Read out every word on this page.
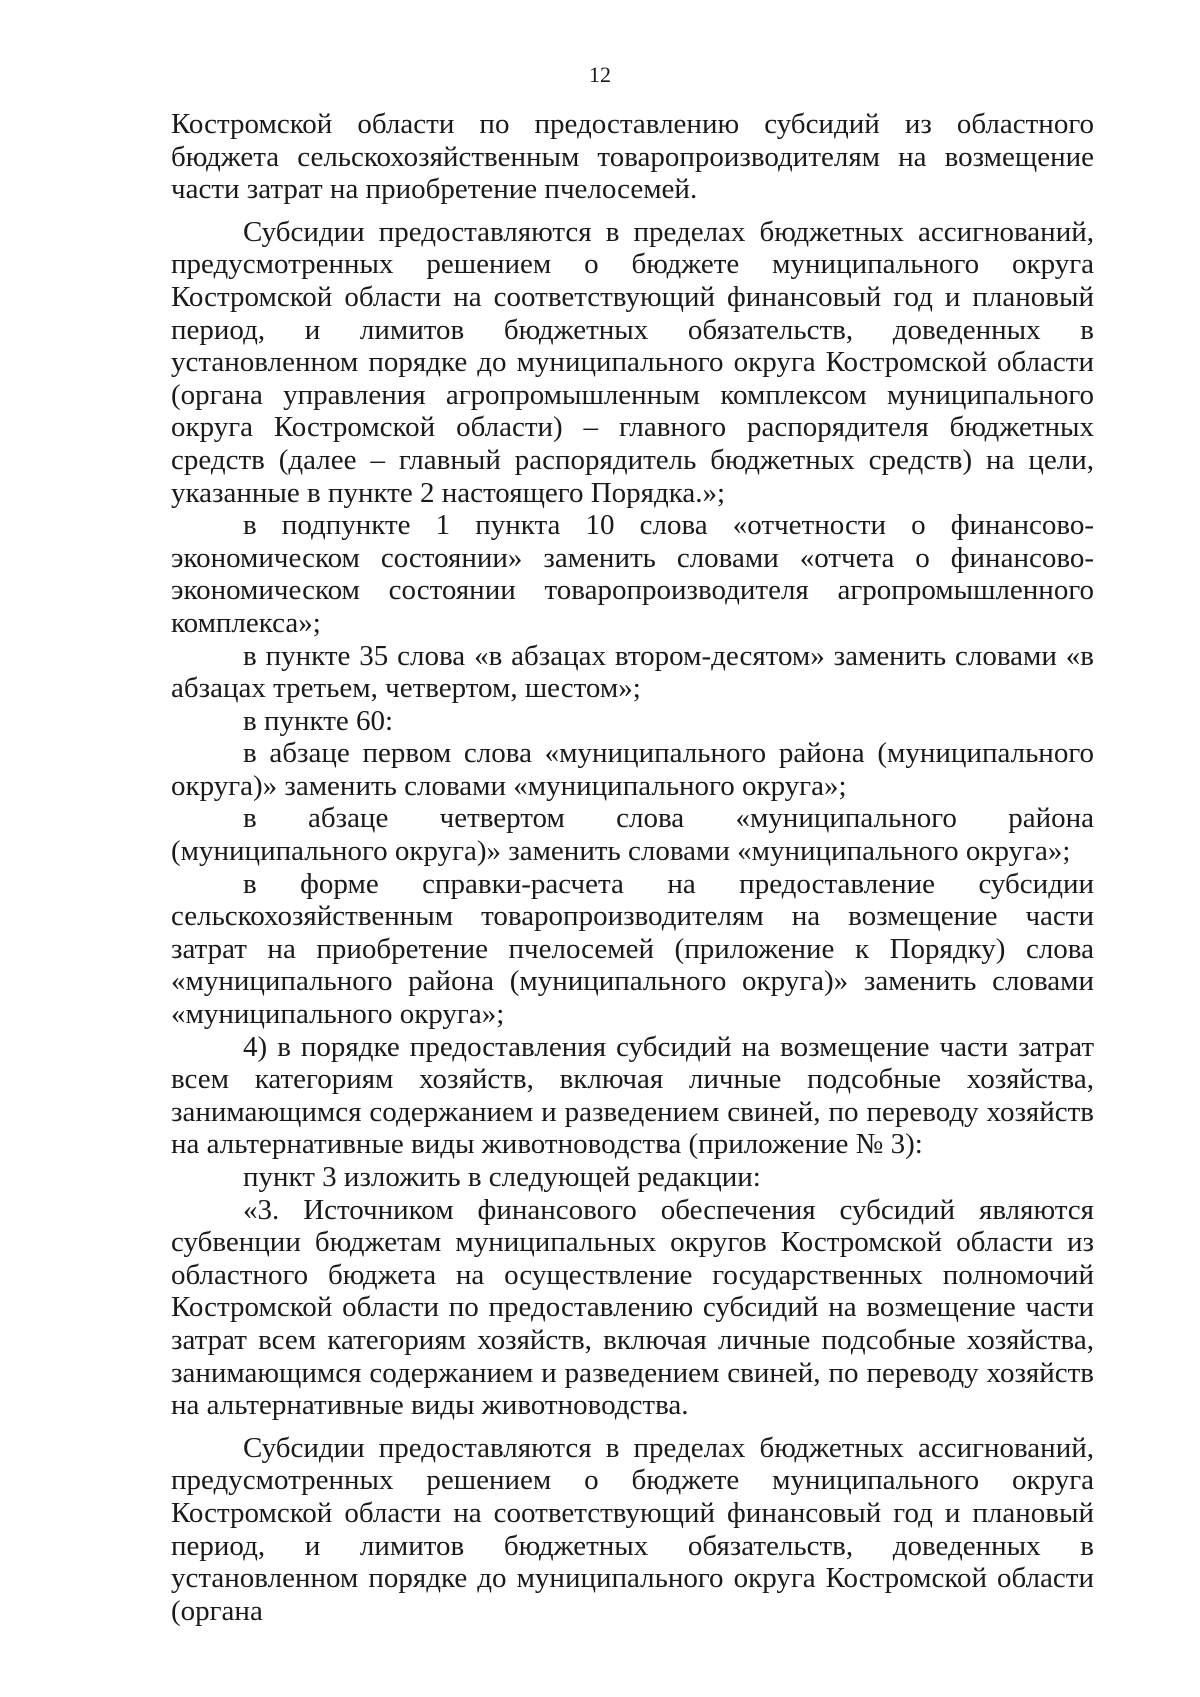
12

Костромской области по предоставлению субсидий из областного бюджета сельскохозяйственным товаропроизводителям на возмещение части затрат на приобретение пчелосемей.

Субсидии предоставляются в пределах бюджетных ассигнований, предусмотренных решением о бюджете муниципального округа Костромской области на соответствующий финансовый год и плановый период, и лимитов бюджетных обязательств, доведенных в установленном порядке до муниципального округа Костромской области (органа управления агропромышленным комплексом муниципального округа Костромской области) – главного распорядителя бюджетных средств (далее – главный распорядитель бюджетных средств) на цели, указанные в пункте 2 настоящего Порядка.»;

в подпункте 1 пункта 10 слова «отчетности о финансово-экономическом состоянии» заменить словами «отчета о финансово-экономическом состоянии товаропроизводителя агропромышленного комплекса»;

в пункте 35 слова «в абзацах втором-десятом» заменить словами «в абзацах третьем, четвертом, шестом»;

в пункте 60:

в абзаце первом слова «муниципального района (муниципального округа)» заменить словами «муниципального округа»;

в абзаце четвертом слова «муниципального района (муниципального округа)» заменить словами «муниципального округа»;

в форме справки-расчета на предоставление субсидии сельскохозяйственным товаропроизводителям на возмещение части затрат на приобретение пчелосемей (приложение к Порядку) слова «муниципального района (муниципального округа)» заменить словами «муниципального округа»;

4) в порядке предоставления субсидий на возмещение части затрат всем категориям хозяйств, включая личные подсобные хозяйства, занимающимся содержанием и разведением свиней, по переводу хозяйств на альтернативные виды животноводства (приложение № 3):

пункт 3 изложить в следующей редакции:

«3. Источником финансового обеспечения субсидий являются субвенции бюджетам муниципальных округов Костромской области из областного бюджета на осуществление государственных полномочий Костромской области по предоставлению субсидий на возмещение части затрат всем категориям хозяйств, включая личные подсобные хозяйства, занимающимся содержанием и разведением свиней, по переводу хозяйств на альтернативные виды животноводства.

Субсидии предоставляются в пределах бюджетных ассигнований, предусмотренных решением о бюджете муниципального округа Костромской области на соответствующий финансовый год и плановый период, и лимитов бюджетных обязательств, доведенных в установленном порядке до муниципального округа Костромской области (органа
